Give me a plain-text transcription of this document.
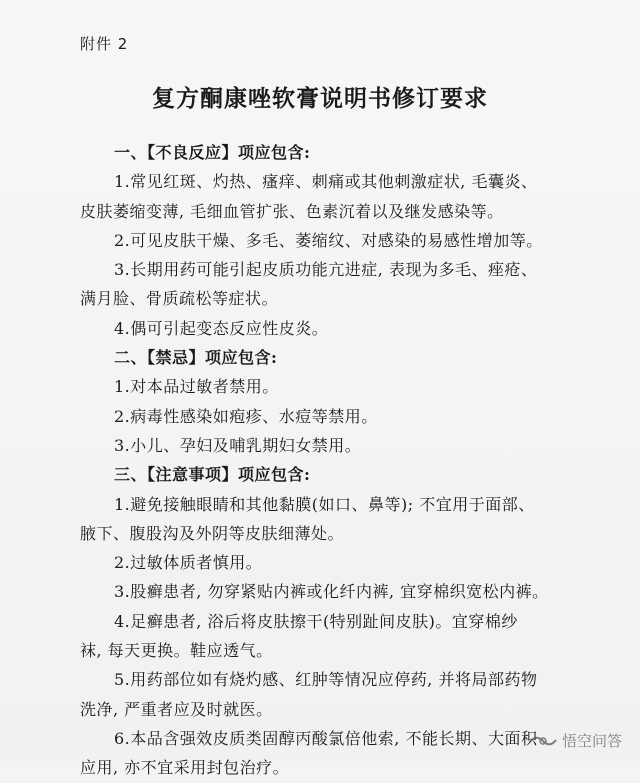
附件 2
复方酮康唑软膏说明书修订要求
一、【不良反应】项应包含:
1.常见红斑、灼热、瘙痒、刺痛或其他刺激症状, 毛囊炎、
皮肤萎缩变薄, 毛细血管扩张、色素沉着以及继发感染等。
2.可见皮肤干燥、多毛、萎缩纹、对感染的易感性增加等。
3.长期用药可能引起皮质功能亢进症, 表现为多毛、痤疮、
满月脸、骨质疏松等症状。
4.偶可引起变态反应性皮炎。
二、【禁忌】项应包含:
1.对本品过敏者禁用。
2.病毒性感染如疱疹、水痘等禁用。
3.小儿、孕妇及哺乳期妇女禁用。
三、【注意事项】项应包含:
1.避免接触眼睛和其他黏膜(如口、鼻等); 不宜用于面部、
腋下、腹股沟及外阴等皮肤细薄处。
2.过敏体质者慎用。
3.股癣患者, 勿穿紧贴内裤或化纤内裤, 宜穿棉织宽松内裤。
4.足癣患者, 浴后将皮肤擦干(特别趾间皮肤)。宜穿棉纱
袜, 每天更换。鞋应透气。
5.用药部位如有烧灼感、红肿等情况应停药, 并将局部药物
洗净, 严重者应及时就医。
6.本品含强效皮质类固醇丙酸氯倍他索, 不能长期、大面积
应用, 亦不宜采用封包治疗。
悟空问答
